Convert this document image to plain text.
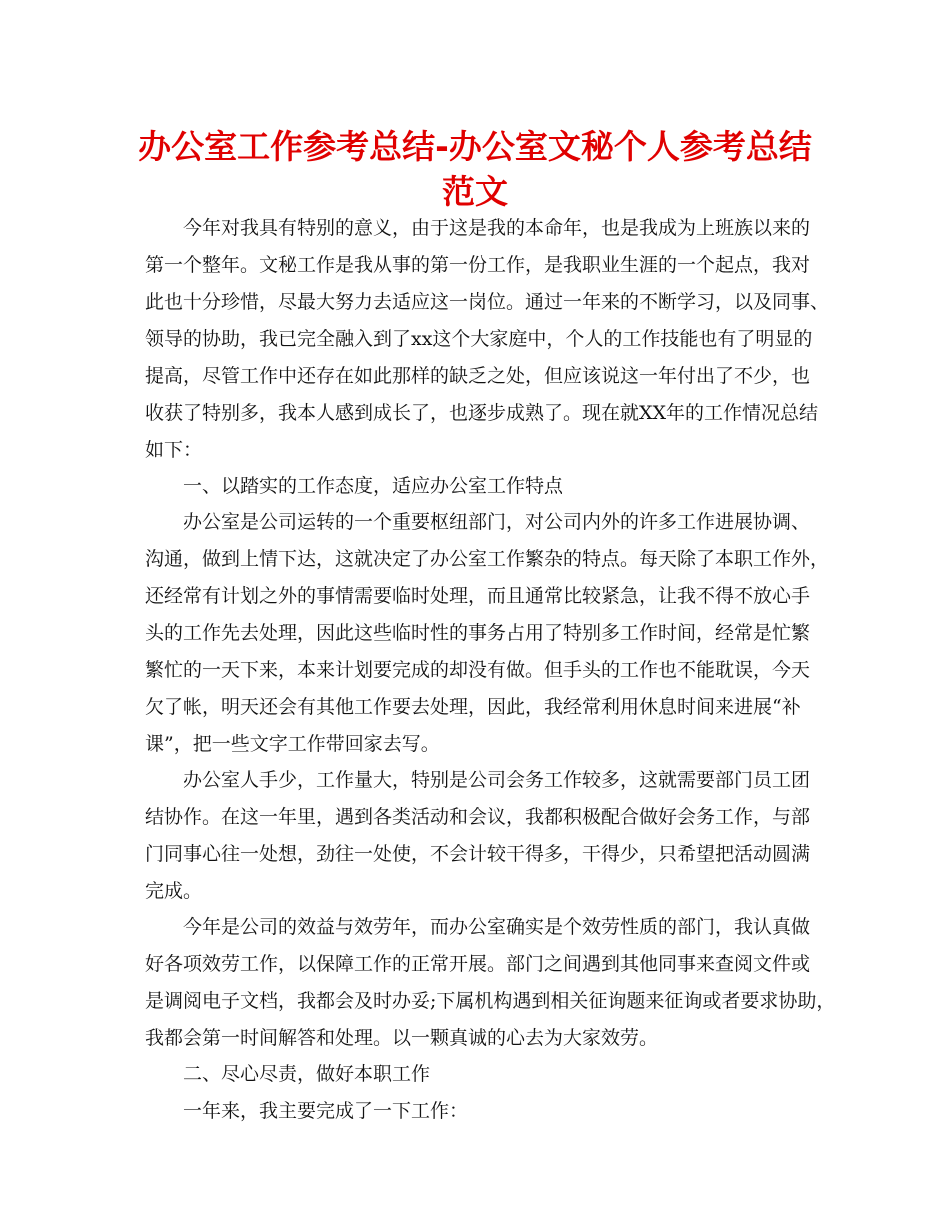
办公室工作参考总结-办公室文秘个人参考总结
范文
今年对我具有特别的意义，由于这是我的本命年，也是我成为上班族以来的
第一个整年。文秘工作是我从事的第一份工作，是我职业生涯的一个起点，我对
此也十分珍惜，尽最大努力去适应这一岗位。通过一年来的不断学习，以及同事、
领导的协助，我已完全融入到了xx这个大家庭中，个人的工作技能也有了明显的
提高，尽管工作中还存在如此那样的缺乏之处，但应该说这一年付出了不少，也
收获了特别多，我本人感到成长了，也逐步成熟了。现在就XX年的工作情况总结
如下：
一、以踏实的工作态度，适应办公室工作特点
办公室是公司运转的一个重要枢纽部门，对公司内外的许多工作进展协调、
沟通，做到上情下达，这就决定了办公室工作繁杂的特点。每天除了本职工作外，
还经常有计划之外的事情需要临时处理，而且通常比较紧急，让我不得不放心手
头的工作先去处理，因此这些临时性的事务占用了特别多工作时间，经常是忙繁
繁忙的一天下来，本来计划要完成的却没有做。但手头的工作也不能耽误，今天
欠了帐，明天还会有其他工作要去处理，因此，我经常利用休息时间来进展“补
课”，把一些文字工作带回家去写。
办公室人手少，工作量大，特别是公司会务工作较多，这就需要部门员工团
结协作。在这一年里，遇到各类活动和会议，我都积极配合做好会务工作，与部
门同事心往一处想，劲往一处使，不会计较干得多，干得少，只希望把活动圆满
完成。
今年是公司的效益与效劳年，而办公室确实是个效劳性质的部门，我认真做
好各项效劳工作，以保障工作的正常开展。部门之间遇到其他同事来查阅文件或
是调阅电子文档，我都会及时办妥;下属机构遇到相关征询题来征询或者要求协助，
我都会第一时间解答和处理。以一颗真诚的心去为大家效劳。
二、尽心尽责，做好本职工作
一年来，我主要完成了一下工作：
